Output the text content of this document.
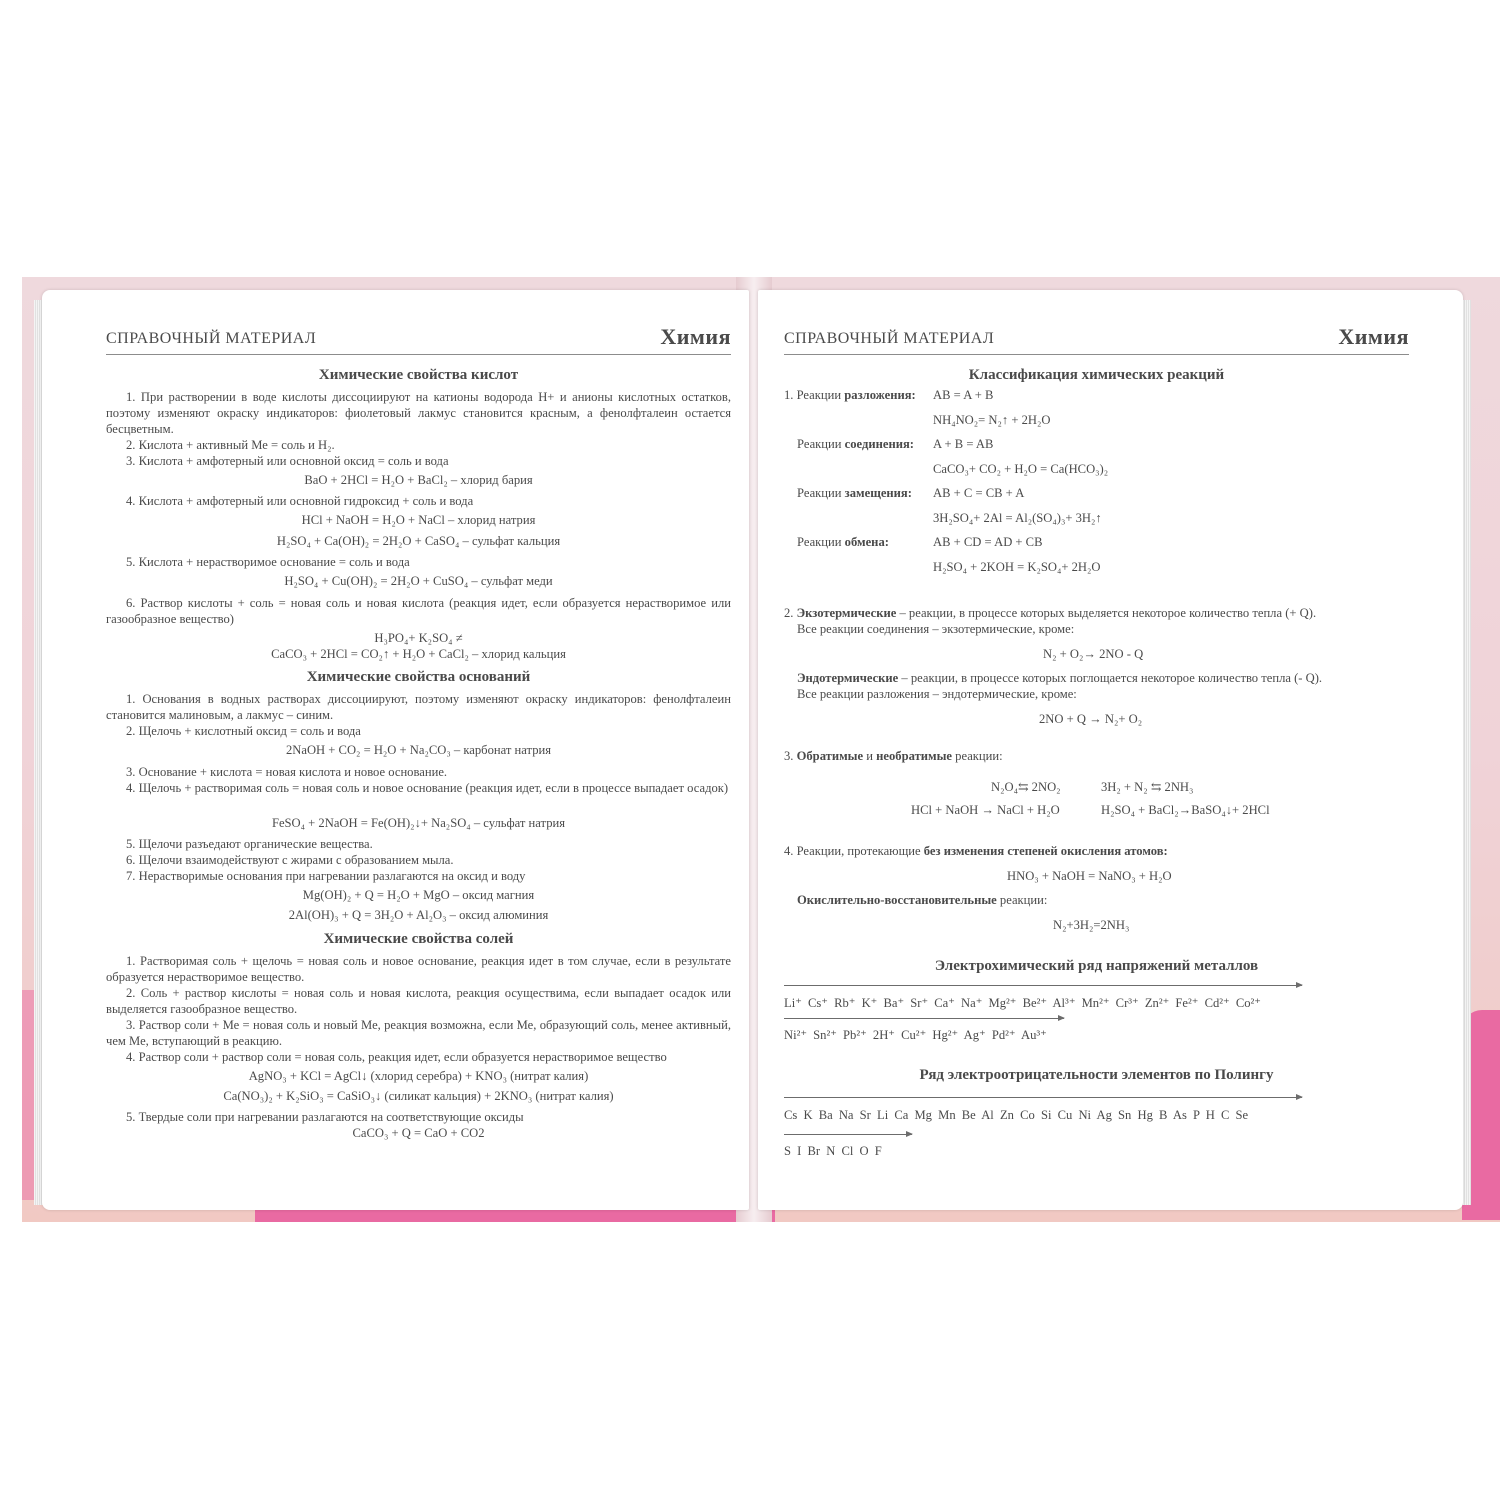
СПРАВОЧНЫЙ МАТЕРИАЛ	Химия
Химические свойства кислот
1. При растворении в воде кислоты диссоциируют на катионы водорода H+ и анионы кислотных остатков, поэтому изменяют окраску индикаторов: фиолетовый лакмус становится красным, а фенолфталеин остается бесцветным.
2. Кислота + активный Ме = соль и H₂.
3. Кислота + амфотерный или основной оксид = соль и вода
BaO + 2HCl = H₂O + BaCl₂ – хлорид бария
4. Кислота + амфотерный или основной гидроксид + соль и вода
HCl + NaOH = H₂O + NaCl – хлорид натрия
H₂SO₄ + Ca(OH)₂ = 2H₂O + CaSO₄ – сульфат кальция
5. Кислота + нерастворимое основание = соль и вода
H₂SO₄ + Cu(OH)₂ = 2H₂O + CuSO₄ – сульфат меди
6. Раствор кислоты + соль = новая соль и новая кислота (реакция идет, если образуется нерастворимое или газообразное вещество)
H₃PO₄+ K₂SO₄ ≠
CaCO₃ + 2HCl = CO₂↑ + H₂O + CaCl₂ – хлорид кальция
Химические свойства оснований
1. Основания в водных растворах диссоциируют, поэтому изменяют окраску индикаторов: фенолфталеин становится малиновым, а лакмус – синим.
2. Щелочь + кислотный оксид = соль и вода
2NaOH + CO₂ = H₂O + Na₂CO₃ – карбонат натрия
3. Основание + кислота = новая кислота и новое основание.
4. Щелочь + растворимая соль = новая соль и новое основание (реакция идет, если в процессе выпадает осадок)
FeSO₄ + 2NaOH = Fe(OH)₂↓+ Na₂SO₄ – сульфат натрия
5. Щелочи разъедают органические вещества.
6. Щелочи взаимодействуют с жирами с образованием мыла.
7. Нерастворимые основания при нагревании разлагаются на оксид и воду
Mg(OH)₂ + Q = H₂O + MgO – оксид магния
2Al(OH)₃ + Q = 3H₂O + Al₂O₃ – оксид алюминия
Химические свойства солей
1. Растворимая соль + щелочь = новая соль и новое основание, реакция идет в том случае, если в результате образуется нерастворимое вещество.
2. Соль + раствор кислоты = новая соль и новая кислота, реакция осуществима, если выпадает осадок или выделяется газообразное вещество.
3. Раствор соли + Ме = новая соль и новый Ме, реакция возможна, если Ме, образующий соль, менее активный, чем Ме, вступающий в реакцию.
4. Раствор соли + раствор соли = новая соль, реакция идет, если образуется нерастворимое вещество
AgNO₃ + KCl = AgCl↓ (хлорид серебра) + KNO₃ (нитрат калия)
Ca(NO₃)₂ + K₂SiO₃ = CaSiO₃↓ (силикат кальция) + 2KNO₃ (нитрат калия)
5. Твердые соли при нагревании разлагаются на соответствующие оксиды
CaCO₃ + Q = CaO + CO2
СПРАВОЧНЫЙ МАТЕРИАЛ	Химия
Классификация химических реакций
1. Реакции разложения: AB = A + B
NH₄NO₂= N₂↑ + 2H₂O
Реакции соединения: A + B = AB
CaCO₃+ CO₂ + H₂O = Ca(HCO₃)₂
Реакции замещения: AB + C = CB + A
3H₂SO₄+ 2Al = Al₂(SO₄)₃+ 3H₂↑
Реакции обмена:	AB + CD = AD + CB
H₂SO₄ + 2KOH = K₂SO₄+ 2H₂O
2. Экзотермические – реакции, в процессе которых выделяется некоторое количество тепла (+ Q).
Все реакции соединения – экзотермические, кроме:
N₂ + O₂→ 2NO - Q
Эндотермические – реакции, в процессе которых поглощается некоторое количество тепла (- Q).
Все реакции разложения – эндотермические, кроме:
2NO + Q → N₂+ O₂
3. Обратимые и необратимые реакции:
N₂O₄⇆ 2NO₂	3H₂ + N₂ ⇆ 2NH₃
HCl + NaOH → NaCl + H₂O	H₂SO₄ + BaCl₂→BaSO₄↓+ 2HCl
4. Реакции, протекающие без изменения степеней окисления атомов:
HNO₃ + NaOH = NaNO₃ + H₂O
Окислительно-восстановительные реакции:
N₂+3H₂=2NH₃
Электрохимический ряд напряжений металлов
Li⁺ Cs⁺ Rb⁺ K⁺ Ba⁺ Sr⁺ Ca⁺ Na⁺ Mg²⁺ Be²⁺ Al³⁺ Mn²⁺ Cr³⁺ Zn²⁺ Fe²⁺ Cd²⁺ Co²⁺
Ni²⁺ Sn²⁺ Pb²⁺ 2H⁺ Cu²⁺ Hg²⁺ Ag⁺ Pd²⁺ Au³⁺
Ряд электроотрицательности элементов по Полингу
Cs K Ba Na Sr Li Ca Mg Mn Be Al Zn Co Si Cu Ni Ag Sn Hg B As P H C Se
S I Br N Cl O F
